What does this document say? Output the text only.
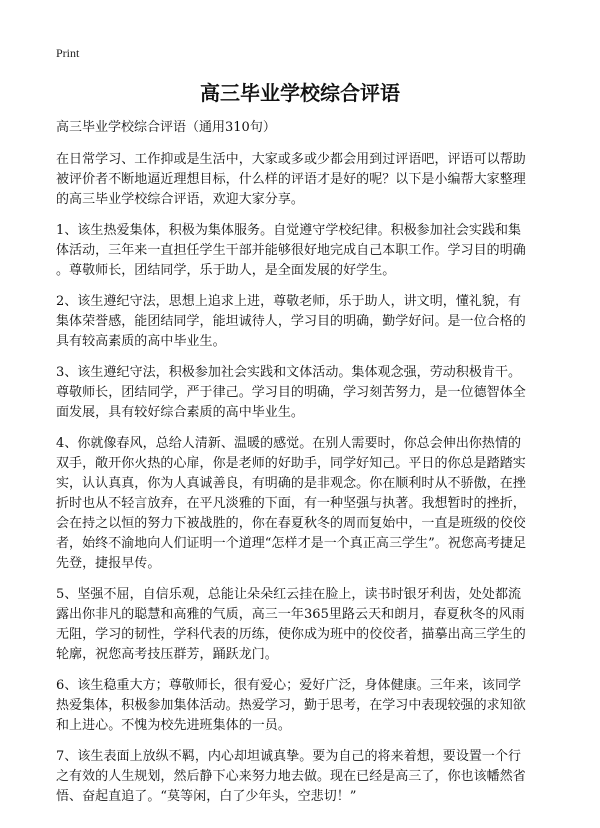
Print
高三毕业学校综合评语
高三毕业学校综合评语（通用310句）

在日常学习、工作抑或是生活中，大家或多或少都会用到过评语吧，评语可以帮助
被评价者不断地逼近理想目标，什么样的评语才是好的呢？以下是小编帮大家整理
的高三毕业学校综合评语，欢迎大家分享。

1、该生热爱集体，积极为集体服务。自觉遵守学校纪律。积极参加社会实践和集
体活动，三年来一直担任学生干部并能够很好地完成自己本职工作。学习目的明确
。尊敬师长，团结同学，乐于助人，是全面发展的好学生。

2、该生遵纪守法，思想上追求上进，尊敬老师，乐于助人，讲文明，懂礼貌，有
集体荣誉感，能团结同学，能坦诚待人，学习目的明确，勤学好问。是一位合格的
具有较高素质的高中毕业生。

3、该生遵纪守法，积极参加社会实践和文体活动。集体观念强，劳动积极肯干。
尊敬师长，团结同学，严于律己。学习目的明确，学习刻苦努力，是一位德智体全
面发展，具有较好综合素质的高中毕业生。

4、你就像春风，总给人清新、温暖的感觉。在别人需要时，你总会伸出你热情的
双手，敞开你火热的心扉，你是老师的好助手，同学好知己。平日的你总是踏踏实
实，认认真真，你为人真诚善良，有明确的是非观念。你在顺利时从不骄傲，在挫
折时也从不轻言放弃，在平凡淡雅的下面，有一种坚强与执著。我想暂时的挫折，
会在持之以恒的努力下被战胜的，你在春夏秋冬的周而复始中，一直是班级的佼佼
者，始终不渝地向人们证明一个道理“怎样才是一个真正高三学生”。祝您高考捷足
先登，捷报早传。

5、坚强不屈，自信乐观，总能让朵朵红云挂在脸上，读书时银牙利齿，处处都流
露出你非凡的聪慧和高雅的气质，高三一年365里路云天和朗月，春夏秋冬的风雨
无阻，学习的韧性，学科代表的历练，使你成为班中的佼佼者，描摹出高三学生的
轮廓，祝您高考技压群芳，踊跃龙门。

6、该生稳重大方；尊敬师长，很有爱心；爱好广泛，身体健康。三年来，该同学
热爱集体，积极参加集体活动。热爱学习，勤于思考，在学习中表现较强的求知欲
和上进心。不愧为校先进班集体的一员。

7、该生表面上放纵不羁，内心却坦诚真挚。要为自己的将来着想，要设置一个行
之有效的人生规划，然后静下心来努力地去做。现在已经是高三了，你也该幡然省
悟、奋起直追了。“莫等闲，白了少年头，空悲切！”
